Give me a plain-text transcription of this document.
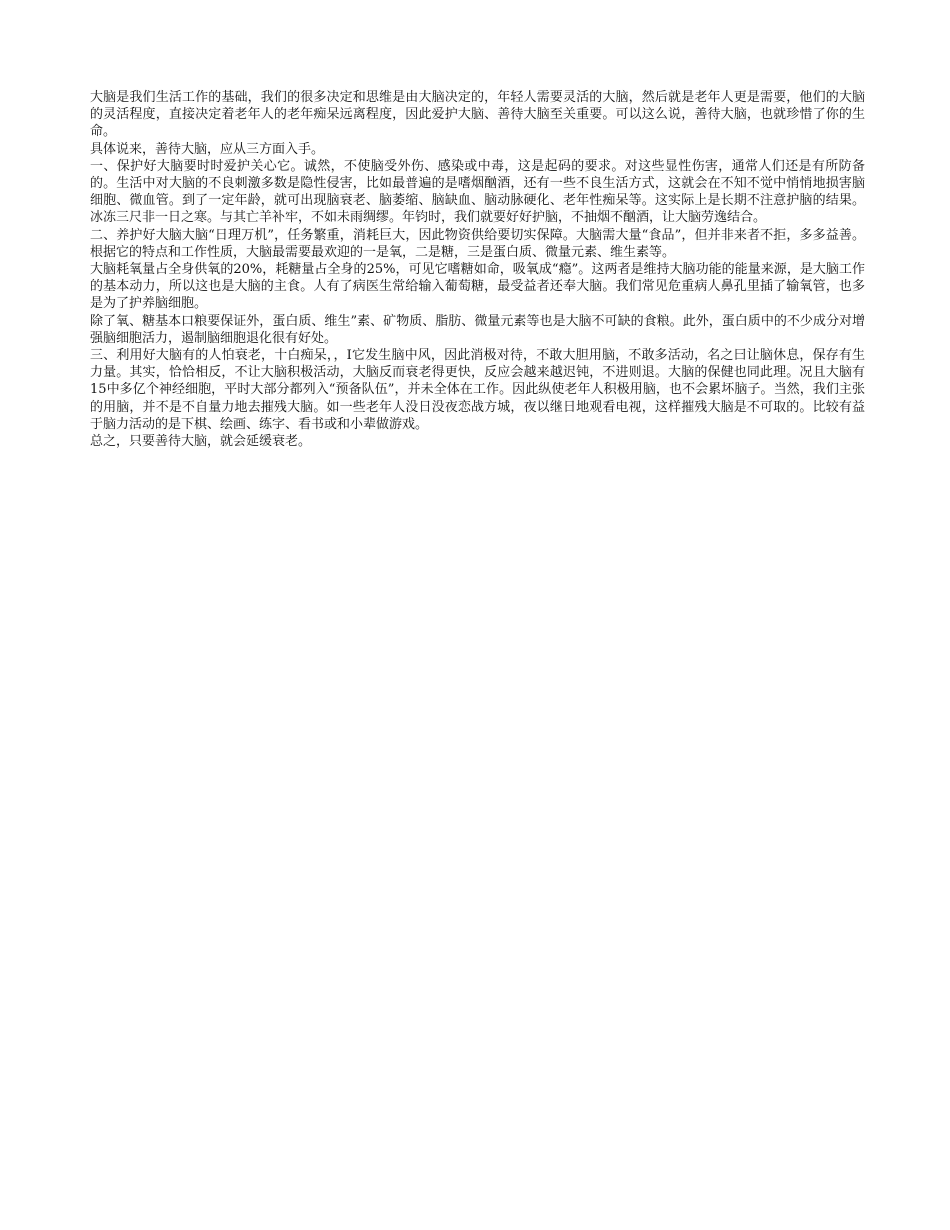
大脑是我们生活工作的基础，我们的很多决定和思维是由大脑决定的，年轻人需要灵活的大脑，然后就是老年人更是需要，他们的大脑的灵活程度，直接决定着老年人的老年痴呆远离程度，因此爱护大脑、善待大脑至关重要。可以这么说，善待大脑，也就珍惜了你的生命。

具体说来，善待大脑，应从三方面入手。

一、保护好大脑要时时爱护关心它。诚然，不使脑受外伤、感染或中毒，这是起码的要求。对这些显性伤害，通常人们还是有所防备的。生活中对大脑的不良刺激多数是隐性侵害，比如最普遍的是嗜烟酗酒，还有一些不良生活方式，这就会在不知不觉中悄悄地损害脑细胞、微血管。到了一定年龄，就可出现脑衰老、脑萎缩、脑缺血、脑动脉硬化、老年性痴呆等。这实际上是长期不注意护脑的结果。冰冻三尺非一日之寒。与其亡羊补牢，不如未雨绸缪。年钧时，我们就要好好护脑，不抽烟不酗酒，让大脑劳逸结合。

二、养护好大脑大脑“日理万机”，任务繁重，消耗巨大，因此物资供给要切实保障。大脑需大量“食品”，但并非来者不拒，多多益善。根据它的特点和工作性质，大脑最需要最欢迎的一是氧，二是糖，三是蛋白质、微量元素、维生素等。

大脑耗氧量占全身供氧的20%，耗糖量占全身的25%，可见它嗜糖如命，吸氧成“瘾”。这两者是维持大脑功能的能量来源，是大脑工作的基本动力，所以这也是大脑的主食。人有了病医生常给输入葡萄糖，最受益者还奉大脑。我们常见危重病人鼻孔里插了输氧管，也多是为了护养脑细胞。

除了氧、糖基本口粮要保证外，蛋白质、维生”素、矿物质、脂肪、微量元素等也是大脑不可缺的食粮。此外，蛋白质中的不少成分对增强脑细胞活力，遏制脑细胞退化很有好处。

三、利用好大脑有的人怕衰老，十白痴呆，，I它发生脑中风，因此消极对待，不敢大胆用脑，不敢多活动，名之曰让脑休息，保存有生力量。其实，恰恰相反，不让大脑积极活动，大脑反而衰老得更快，反应会越来越迟钝，不进则退。大脑的保健也同此理。况且大脑有15中多亿个神经细胞，平时大部分都列入“预备队伍”，并未全体在工作。因此纵使老年人积极用脑，也不会累坏脑子。当然，我们主张的用脑，并不是不自量力地去摧残大脑。如一些老年人没日没夜恋战方城，夜以继日地观看电视，这样摧残大脑是不可取的。比较有益于脑力活动的是下棋、绘画、练字、看书或和小辈做游戏。

总之，只要善待大脑，就会延缓衰老。
